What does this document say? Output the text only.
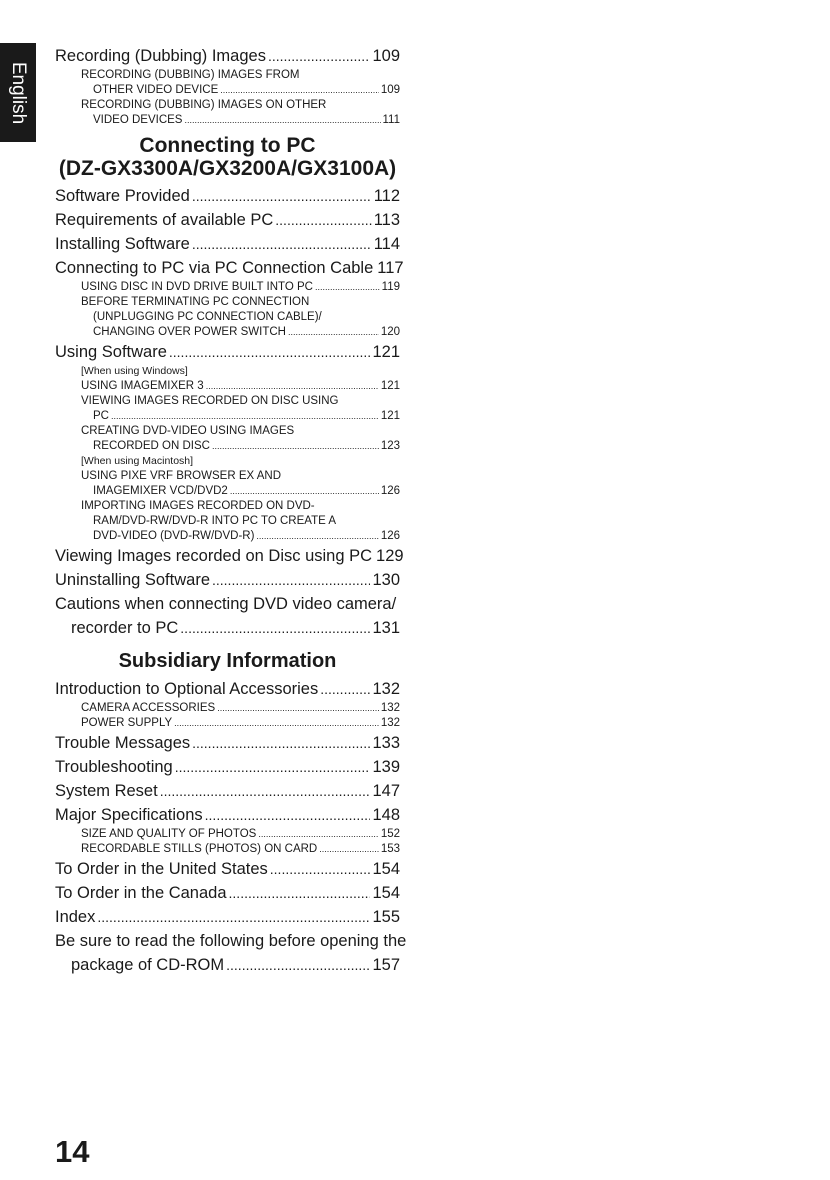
English
Recording (Dubbing) Images .....	109
RECORDING (DUBBING) IMAGES FROM
OTHER VIDEO DEVICE .....	109
RECORDING (DUBBING) IMAGES ON OTHER
VIDEO DEVICES .....	111
Connecting to PC
(DZ-GX3300A/GX3200A/GX3100A)
Software Provided .....	112
Requirements of available PC .....	113
Installing Software .....	114
Connecting to PC via PC Connection Cable 117
USING DISC IN DVD DRIVE BUILT INTO PC .....	119
BEFORE TERMINATING PC CONNECTION
(UNPLUGGING PC CONNECTION CABLE)/
CHANGING OVER POWER SWITCH .....	120
Using Software .....	121
[When using Windows]
USING IMAGEMIXER 3 .....	121
VIEWING IMAGES RECORDED ON DISC USING
PC .....	121
CREATING DVD-VIDEO USING IMAGES
RECORDED ON DISC .....	123
[When using Macintosh]
USING PIXE VRF BROWSER EX AND
IMAGEMIXER VCD/DVD2 .....	126
IMPORTING IMAGES RECORDED ON DVD-
RAM/DVD-RW/DVD-R INTO PC TO CREATE A
DVD-VIDEO (DVD-RW/DVD-R) .....	126
Viewing Images recorded on Disc using PC 129
Uninstalling Software .....	130
Cautions when connecting DVD video camera/
recorder to PC .....	131
Subsidiary Information
Introduction to Optional Accessories .....	132
CAMERA ACCESSORIES .....	132
POWER SUPPLY .....	132
Trouble Messages .....	133
Troubleshooting .....	139
System Reset .....	147
Major Specifications .....	148
SIZE AND QUALITY OF PHOTOS .....	152
RECORDABLE STILLS (PHOTOS) ON CARD .....	153
To Order in the United States .....	154
To Order in the Canada .....	154
Index .....	155
Be sure to read the following before opening the
package of CD-ROM .....	157
14
